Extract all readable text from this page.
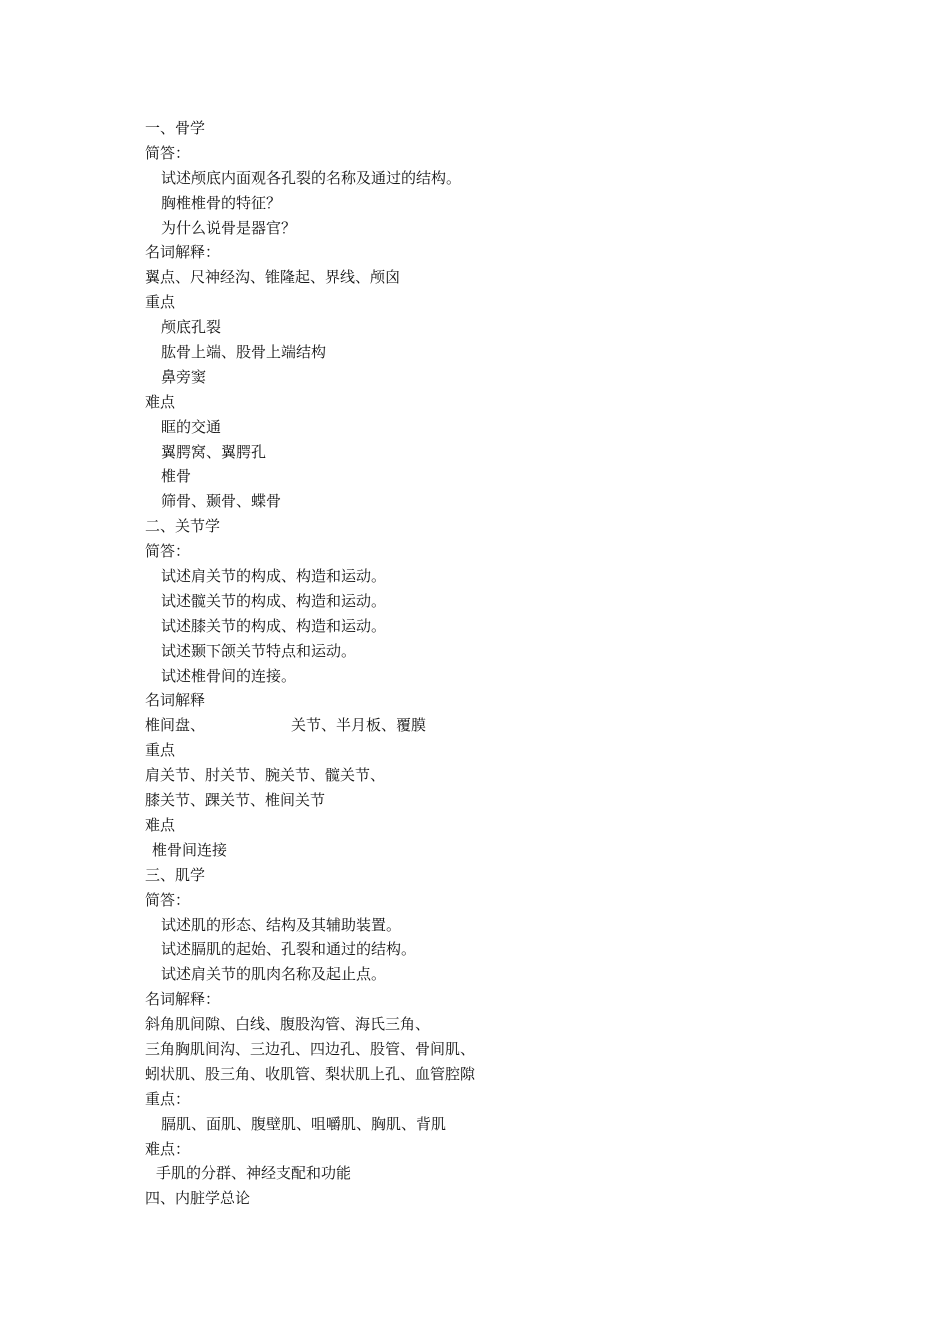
一、骨学
简答：
试述颅底内面观各孔裂的名称及通过的结构。
胸椎椎骨的特征？
为什么说骨是器官？
名词解释：
翼点、尺神经沟、锥隆起、界线、颅囟
重点
颅底孔裂
肱骨上端、股骨上端结构
鼻旁窦
难点
眶的交通
翼腭窝、翼腭孔
椎骨
筛骨、颞骨、蝶骨
二、关节学
简答：
试述肩关节的构成、构造和运动。
试述髋关节的构成、构造和运动。
试述膝关节的构成、构造和运动。
试述颞下颌关节特点和运动。
试述椎骨间的连接。
名词解释
椎间盘、	关节、半月板、覆膜
重点
肩关节、肘关节、腕关节、髋关节、
膝关节、踝关节、椎间关节
难点
椎骨间连接
三、肌学
简答：
试述肌的形态、结构及其辅助装置。
试述膈肌的起始、孔裂和通过的结构。
试述肩关节的肌肉名称及起止点。
名词解释：
斜角肌间隙、白线、腹股沟管、海氏三角、
三角胸肌间沟、三边孔、四边孔、股管、骨间肌、
蚓状肌、股三角、收肌管、梨状肌上孔、血管腔隙
重点：
膈肌、面肌、腹壁肌、咀嚼肌、胸肌、背肌
难点：
手肌的分群、神经支配和功能
四、内脏学总论
